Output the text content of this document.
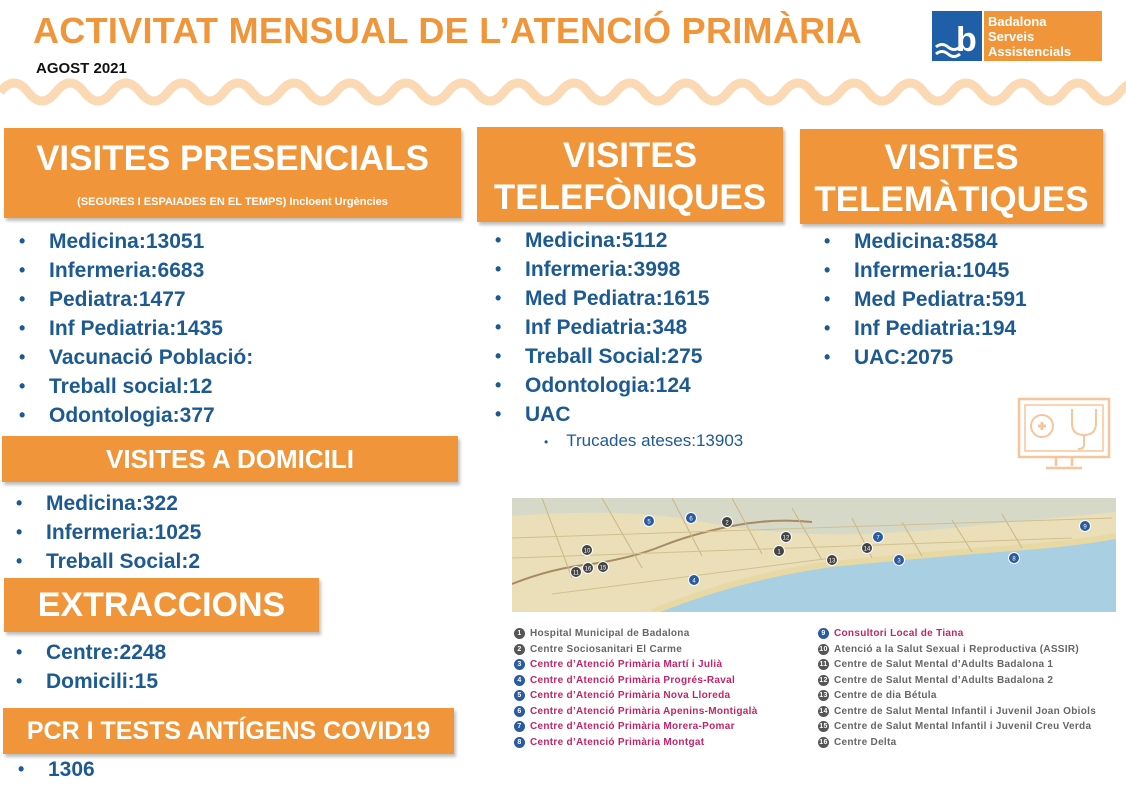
ACTIVITAT MENSUAL DE L’ATENCIÓ PRIMÀRIA
AGOST 2021
b Badalona
Serveis
Assistencials
VISITES PRESENCIALS
(SEGURES I ESPAIADES EN EL TEMPS) Incloent Urgències
• Medicina:13051
• Infermeria:6683
• Pediatra:1477
• Inf Pediatria:1435
• Vacunació Població:
• Treball social:12
• Odontologia:377
VISITES
TELEFÒNIQUES
• Medicina:5112
• Infermeria:3998
• Med Pediatra:1615
• Inf Pediatria:348
• Treball Social:275
• Odontologia:124
• UAC
• Trucades ateses:13903
VISITES
TELEMÀTIQUES
• Medicina:8584
• Infermeria:1045
• Med Pediatra:591
• Inf Pediatria:194
• UAC:2075
VISITES A DOMICILI
• Medicina:322
• Infermeria:1025
• Treball Social:2
EXTRACCIONS
• Centre:2248
• Domicili:15
PCR I TESTS ANTÍGENS COVID19
• 1306
1
2
3
4
5	6
7
8
9
10
11
12
13
14
15
16
1 Hospital Municipal de Badalona
2 Centre Sociosanitari El Carme
3 Centre d’Atenció Primària Martí i Julià
4 Centre d’Atenció Primària Progrés-Raval
5 Centre d’Atenció Primària Nova Lloreda
6 Centre d’Atenció Primària Apenins-Montigalà
7 Centre d’Atenció Primària Morera-Pomar
8 Centre d’Atenció Primària Montgat
9 Consultori Local de Tiana
10 Atenció a la Salut Sexual i Reproductiva (ASSIR)
11 Centre de Salut Mental d’Adults Badalona 1
12 Centre de Salut Mental d’Adults Badalona 2
13 Centre de dia Bétula
14 Centre de Salut Mental Infantil i Juvenil Joan Obiols
15 Centre de Salut Mental Infantil i Juvenil Creu Verda
16 Centre Delta
